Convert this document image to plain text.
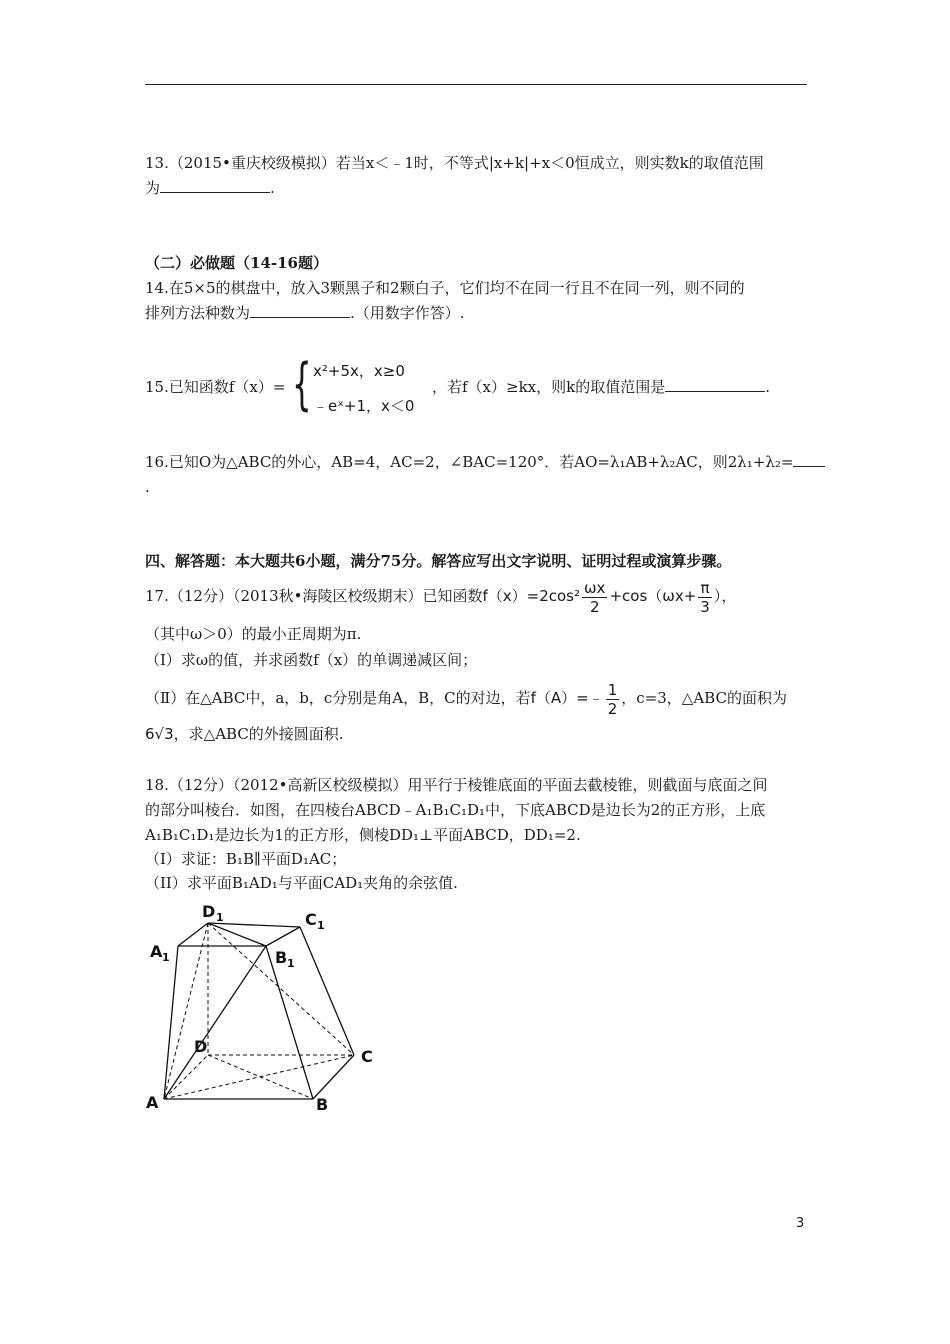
13.（2015•重庆校级模拟）若当x＜﹣1时，不等式|x+k|+x＜0恒成立，则实数k的取值范围
为	.
（二）必做题（14-16题）
14.在5×5的棋盘中，放入3颗黑子和2颗白子，它们均不在同一行且不在同一列，则不同的
排列方法种数为	.（用数字作答）.
15.已知函数f（x）= { x²+5x，x≥0
﹣eˣ+1，x＜0
，若f（x）≥kx，则k的取值范围是	.
16.已知O为△ABC的外心，AB=4，AC=2，∠BAC=120°．若AO=λ₁AB+λ₂AC，则2λ₁+λ₂=
.
四、解答题：本大题共6小题，满分75分。解答应写出文字说明、证明过程或演算步骤。
17.（12分）（2013秋•海陵区校级期末）已知函数$f(x)=2\cos^2 \frac{\omega x}{2} +\cos(\omega x+ \frac{\pi}{3}$ ），
（其中ω＞0）的最小正周期为π.
（Ⅰ）求ω的值，并求函数f（x）的单调递减区间；
（Ⅱ）在△ABC中，a，b，c分别是角A，B，C的对边，若f（A）=﹣ $\frac{1}{2}$ ，c=3，△ABC的面积为
6√3，求△ABC的外接圆面积.
18.（12分）（2012•高新区校级模拟）用平行于棱锥底面的平面去截棱锥，则截面与底面之间
的部分叫棱台．如图，在四棱台ABCD﹣A₁B₁C₁D₁中，下底ABCD是边长为2的正方形，上底
A₁B₁C₁D₁是边长为1的正方形，侧棱DD₁⊥平面ABCD，DD₁=2.
（Ⅰ）求证：B₁B∥平面D₁AC；
（II）求平面B₁AD₁与平面CAD₁夹角的余弦值.
D 1	C 1
A 1	B 1
D
C
A	B
3
